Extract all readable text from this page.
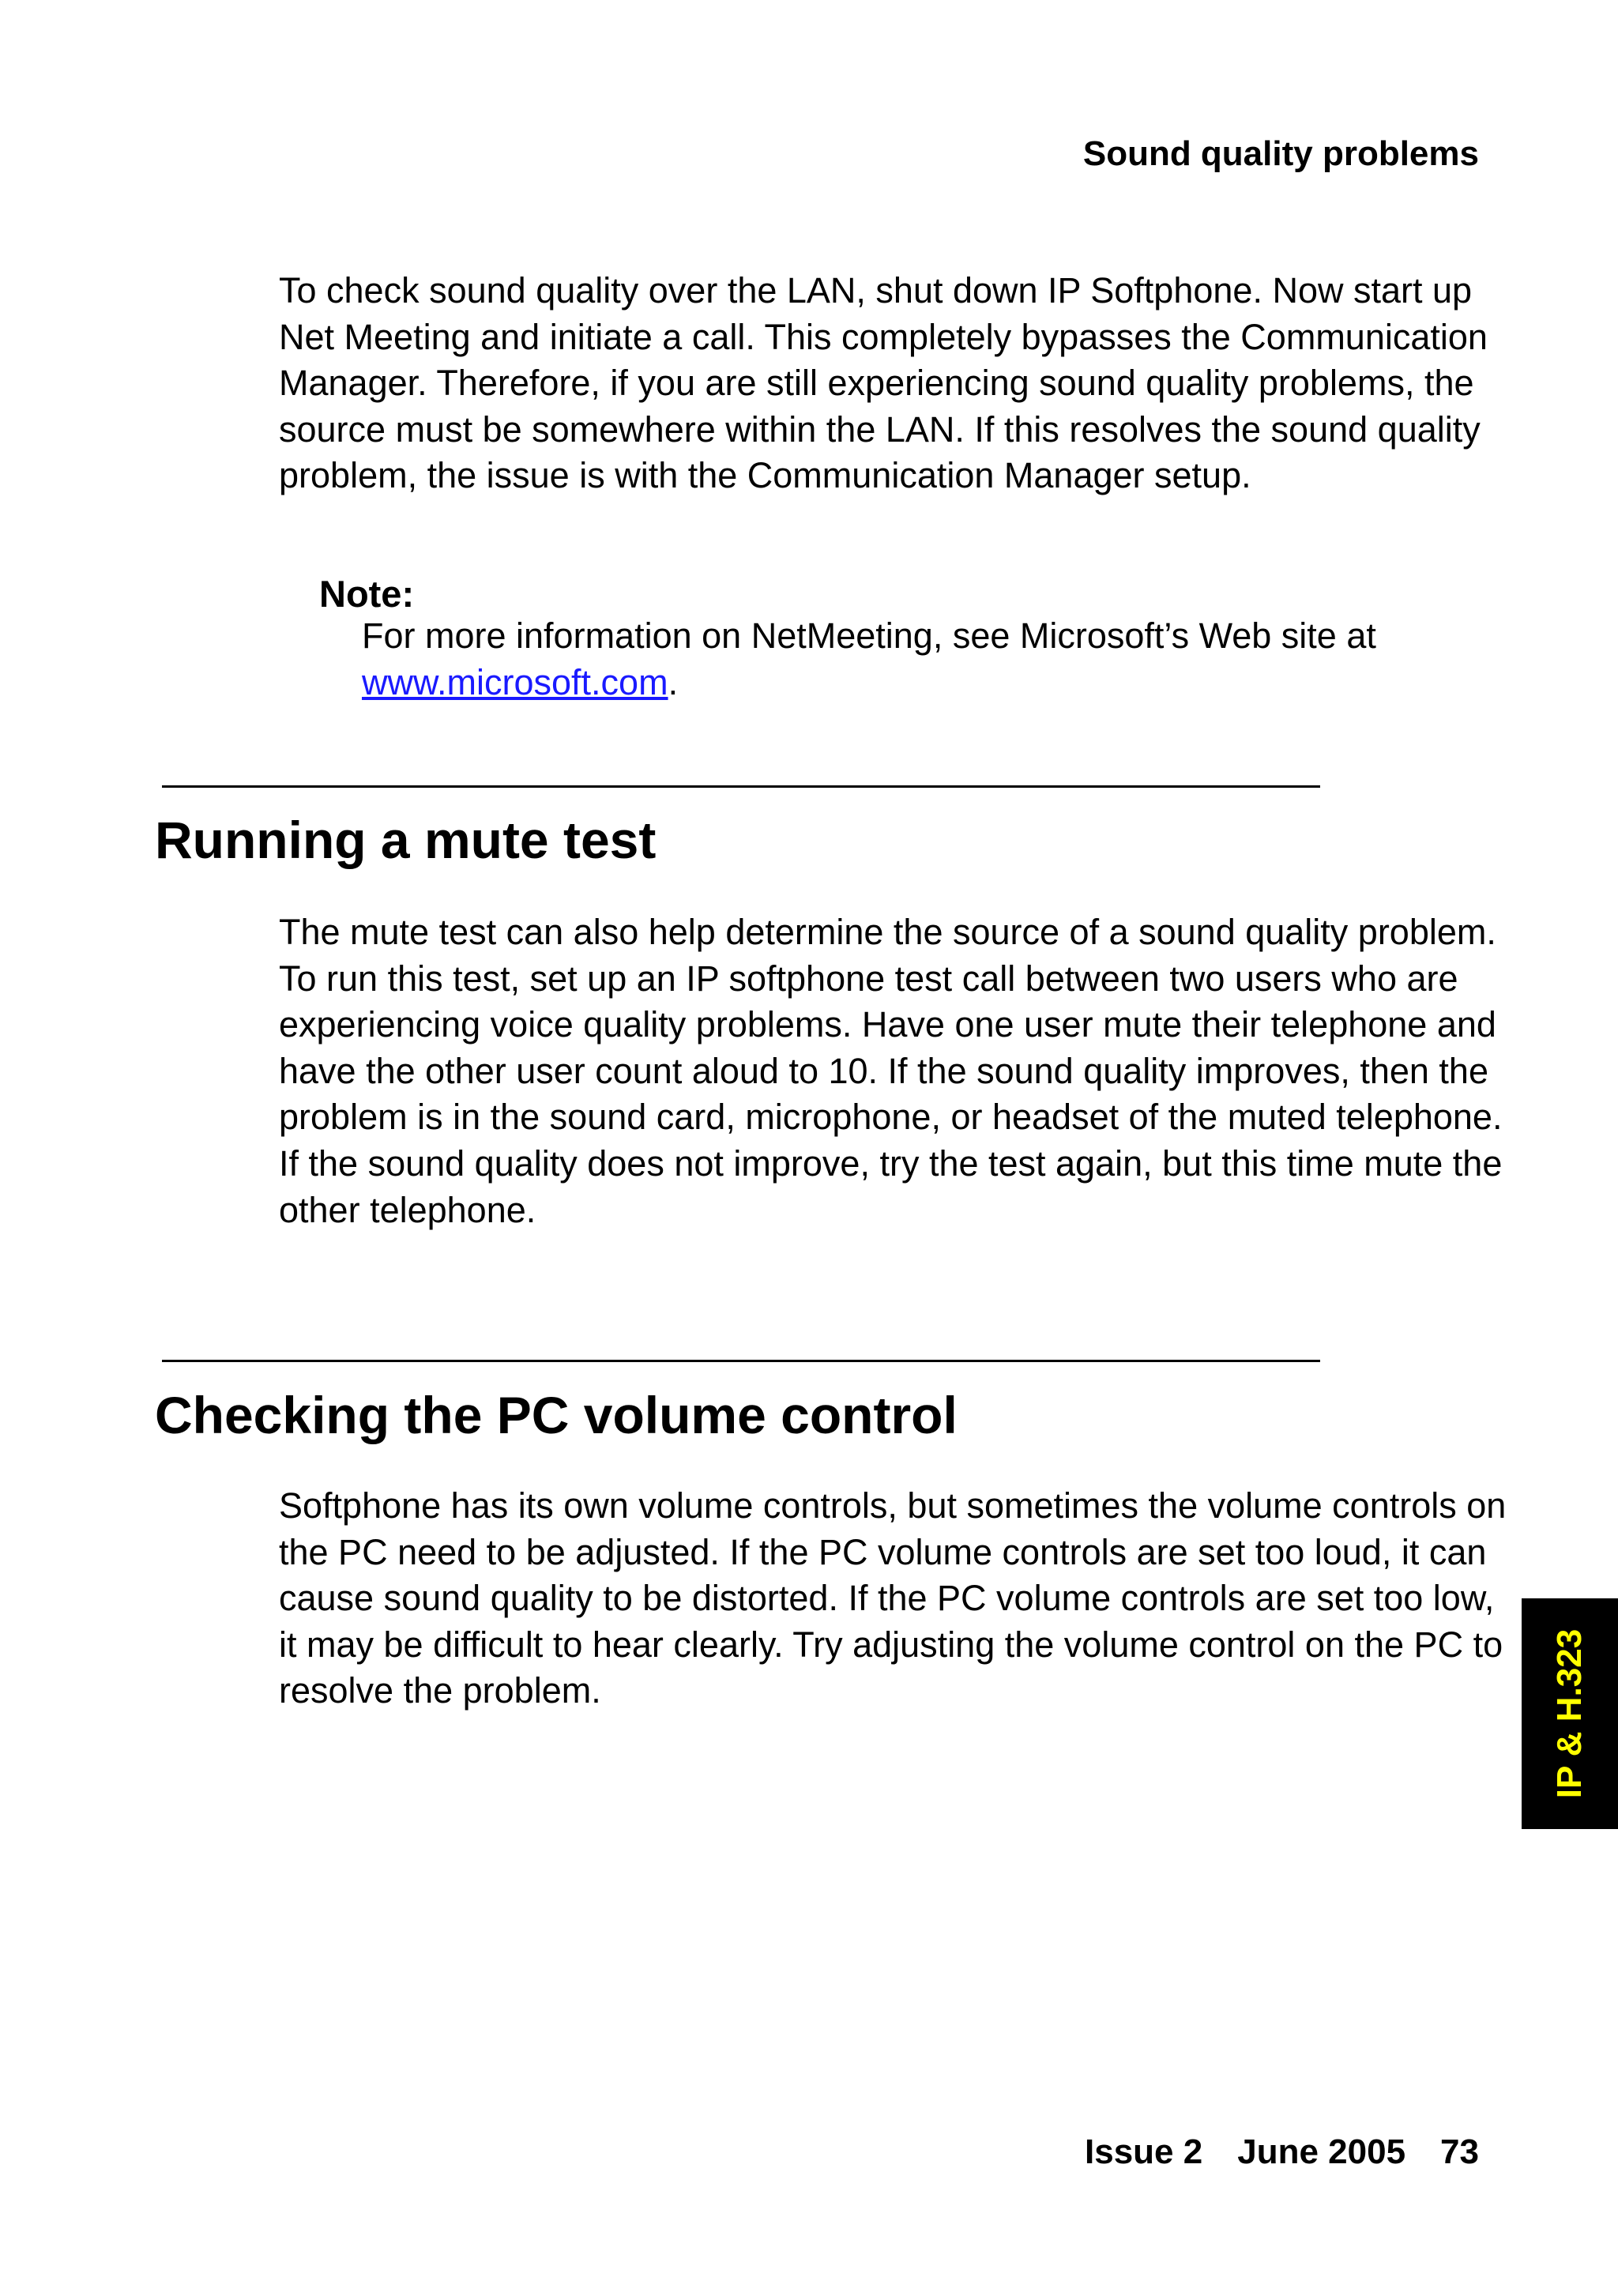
Sound quality problems

To check sound quality over the LAN, shut down IP Softphone. Now start up Net Meeting and initiate a call. This completely bypasses the Communication Manager. Therefore, if you are still experiencing sound quality problems, the source must be somewhere within the LAN. If this resolves the sound quality problem, the issue is with the Communication Manager setup.

Note:

For more information on NetMeeting, see Microsoft’s Web site at www.microsoft.com.

Running a mute test

The mute test can also help determine the source of a sound quality problem. To run this test, set up an IP softphone test call between two users who are experiencing voice quality problems. Have one user mute their telephone and have the other user count aloud to 10. If the sound quality improves, then the problem is in the sound card, microphone, or headset of the muted telephone. If the sound quality does not improve, try the test again, but this time mute the other telephone.

Checking the PC volume control

Softphone has its own volume controls, but sometimes the volume controls on the PC need to be adjusted. If the PC volume controls are set too loud, it can cause sound quality to be distorted. If the PC volume controls are set too low, it may be difficult to hear clearly. Try adjusting the volume control on the PC to resolve the problem.	IP & H.323
Issue 2 June 2005 73
